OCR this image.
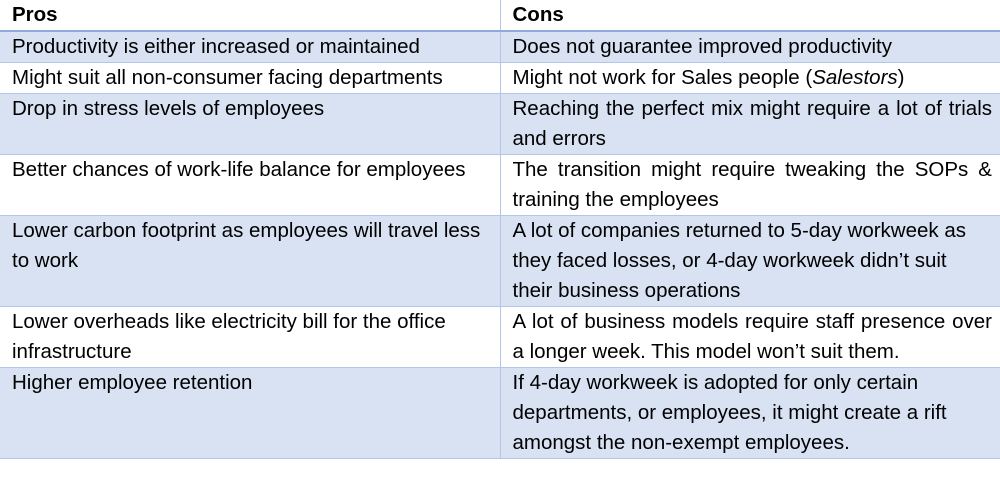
Pros	Cons
Productivity is either increased or maintained	Does not guarantee improved productivity
Might suit all non-consumer facing departments	Might not work for Sales people (Salestors)
Drop in stress levels of employees	Reaching the perfect mix might require a lot of trials and errors
Better chances of work-life balance for employees	The transition might require tweaking the SOPs & training the employees
Lower carbon footprint as employees will travel less to work	A lot of companies returned to 5-day workweek as they faced losses, or 4-day workweek didn’t suit their business operations
Lower overheads like electricity bill for the office infrastructure	A lot of business models require staff presence over a longer week. This model won’t suit them.
Higher employee retention	If 4-day workweek is adopted for only certain departments, or employees, it might create a rift amongst the non-exempt employees.
